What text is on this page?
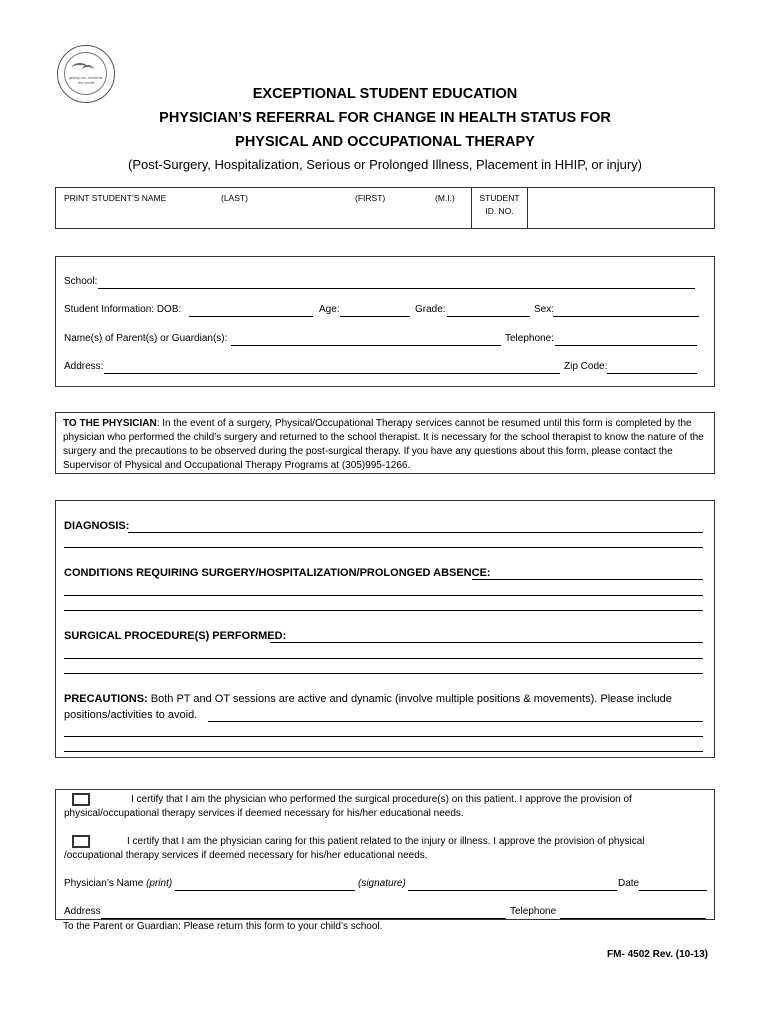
giving our students the world
EXCEPTIONAL STUDENT EDUCATION
PHYSICIAN’S REFERRAL FOR CHANGE IN HEALTH STATUS FOR
PHYSICAL AND OCCUPATIONAL THERAPY
(Post-Surgery, Hospitalization, Serious or Prolonged Illness, Placement in HHIP, or injury)
PRINT STUDENT’S NAME	(LAST)	(FIRST)	(M.I.)	STUDENT
ID. NO.
School:
Student Information: DOB:	Age:	Grade:	Sex:
Name(s) of Parent(s) or Guardian(s):	Telephone:
Address:	Zip Code:
TO THE PHYSICIAN: In the event of a surgery, Physical/Occupational Therapy services cannot be resumed until this form is completed by the physician who performed the child’s surgery and returned to the school therapist. It is necessary for the school therapist to know the nature of the surgery and the precautions to be observed during the post-surgical therapy. If you have any questions about this form, please contact the Supervisor of Physical and Occupational Therapy Programs at (305)995-1266.
DIAGNOSIS:
CONDITIONS REQUIRING SURGERY/HOSPITALIZATION/PROLONGED ABSENCE:
SURGICAL PROCEDURE(S) PERFORMED:
PRECAUTIONS: Both PT and OT sessions are active and dynamic (involve multiple positions & movements). Please include
positions/activities to avoid.
I certify that I am the physician who performed the surgical procedure(s) on this patient. I approve the provision of
physical/occupational therapy services if deemed necessary for his/her educational needs.
I certify that I am the physician caring for this patient related to the injury or illness. I approve the provision of physical
/occupational therapy services if deemed necessary for his/her educational needs.
Physician’s Name (print)	(signature)	Date
Address	Telephone
To the Parent or Guardian: Please return this form to your child’s school.
FM- 4502 Rev. (10-13)
